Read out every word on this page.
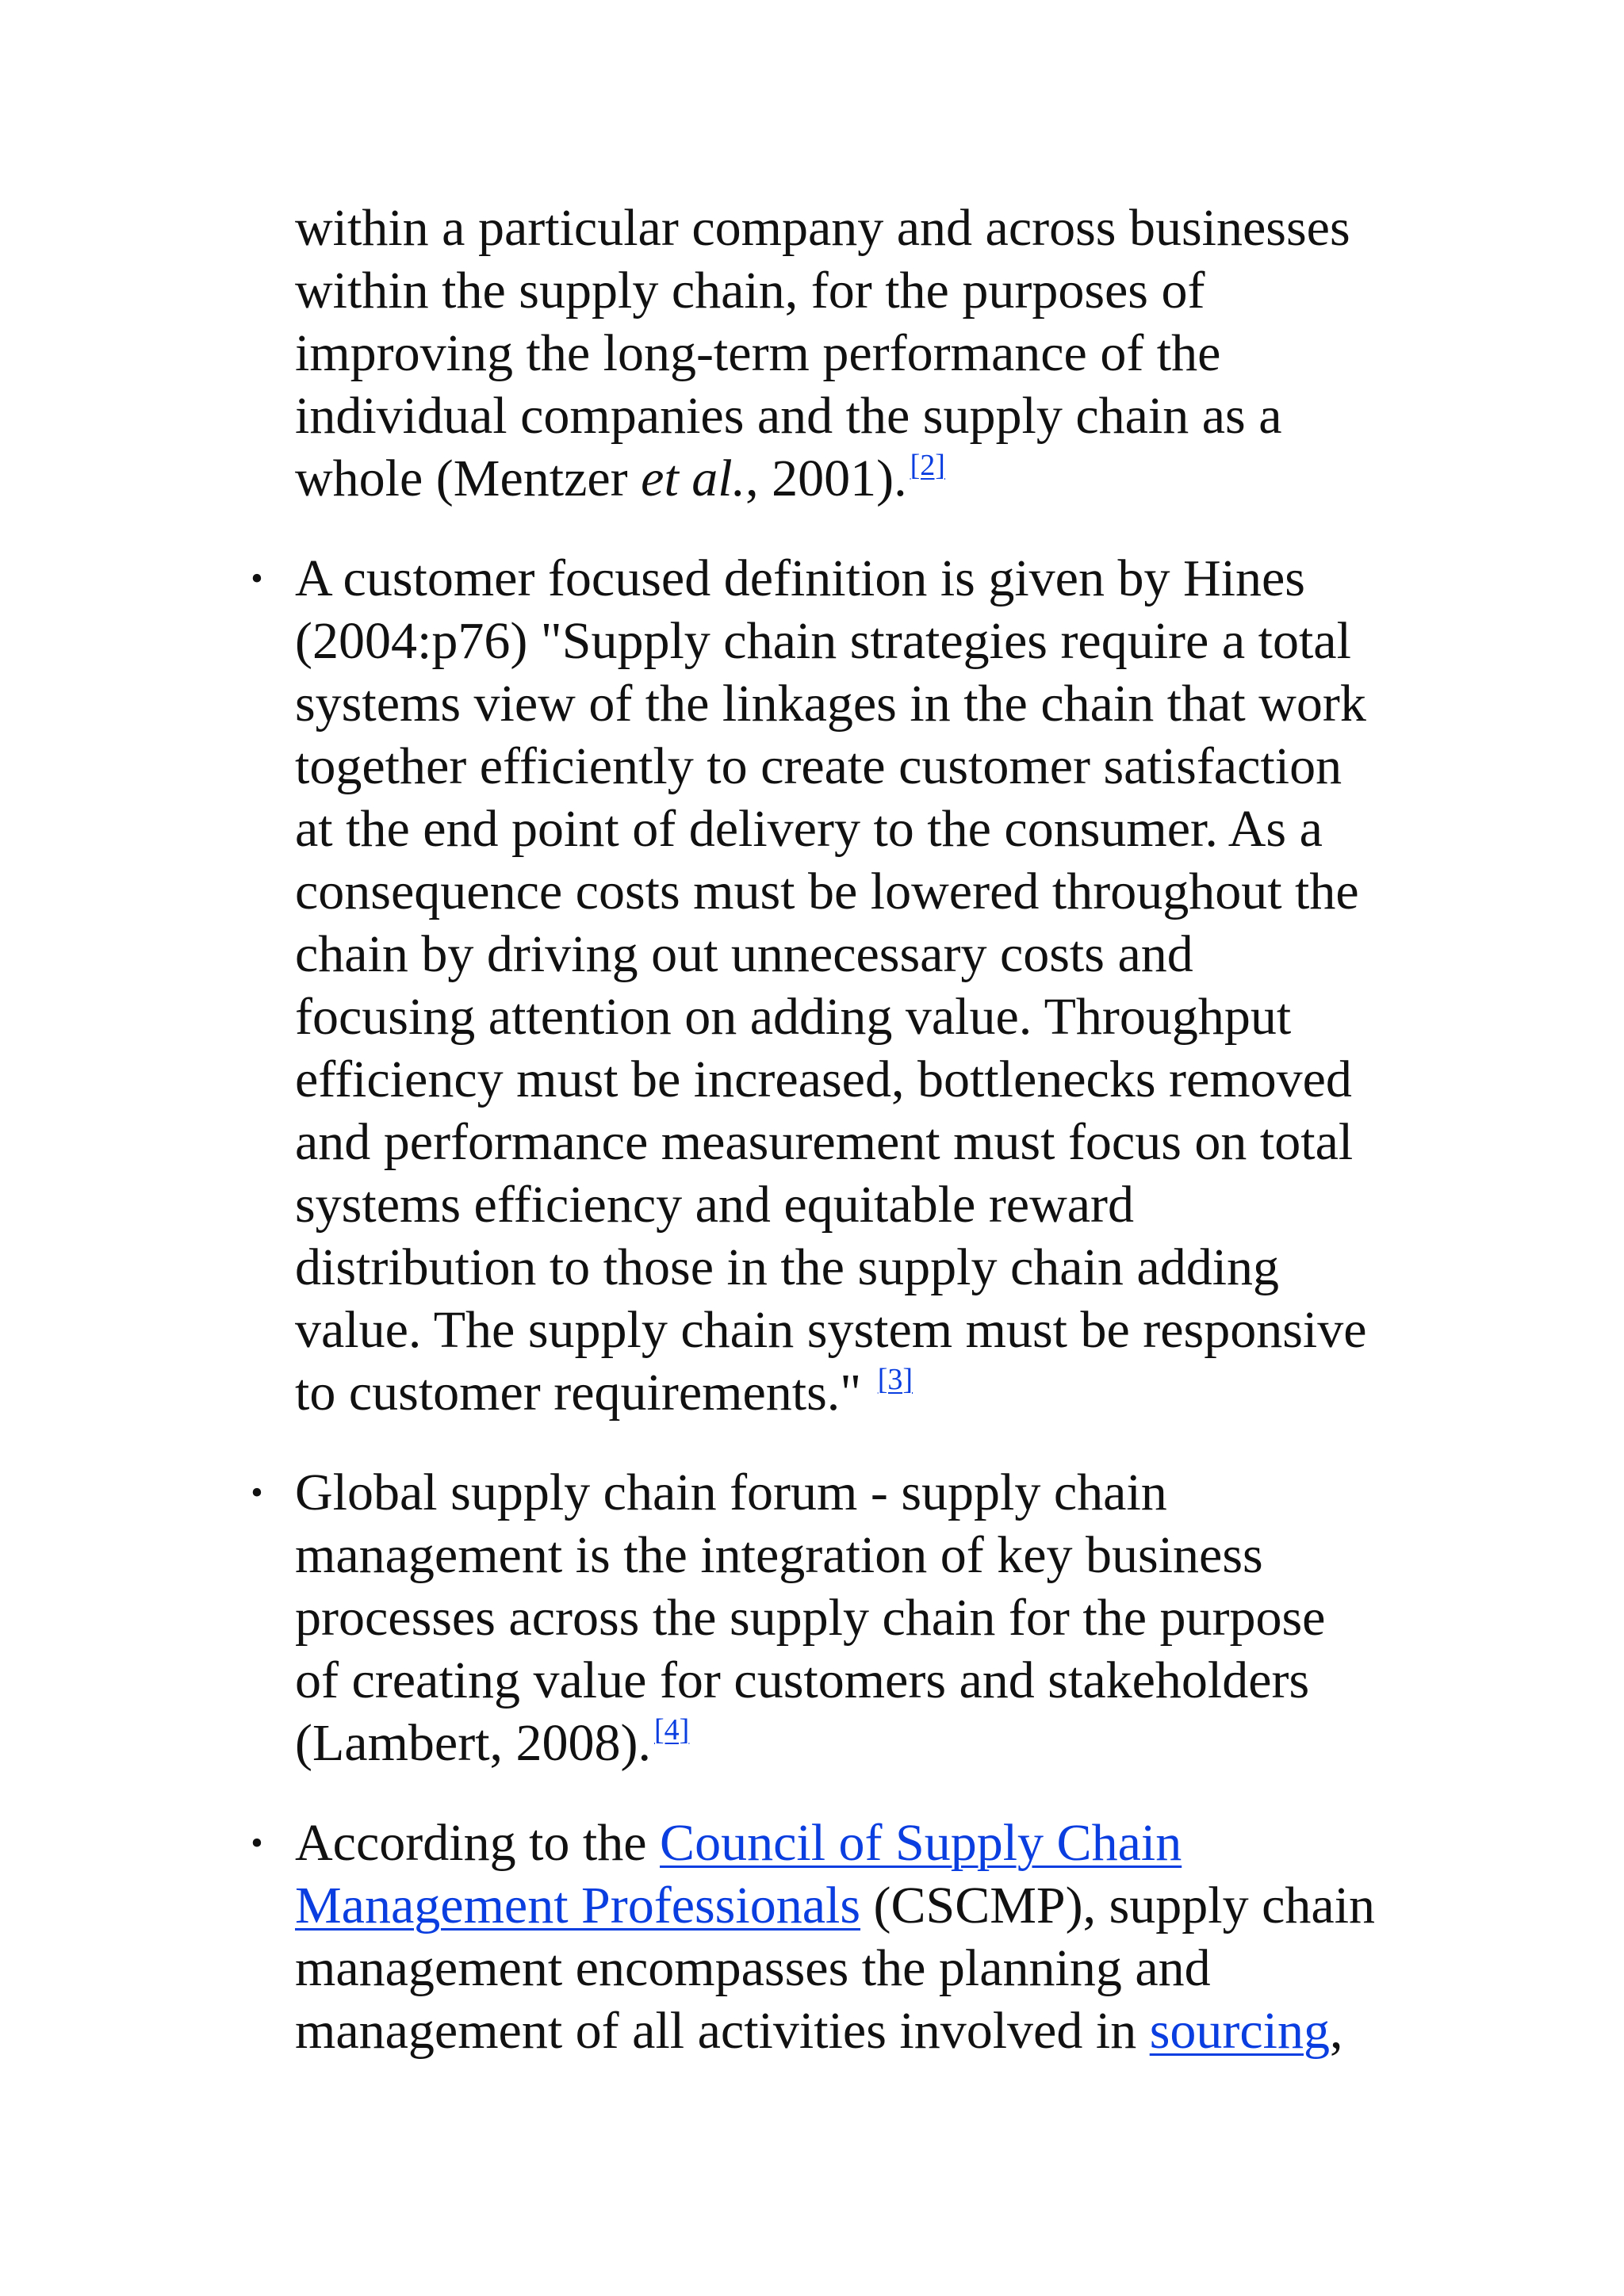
within a particular company and across businesses
within the supply chain, for the purposes of
improving the long-term performance of the
individual companies and the supply chain as a
whole (Mentzer et al., 2001). [2]
• A customer focused definition is given by Hines
(2004:p76) "Supply chain strategies require a total
systems view of the linkages in the chain that work
together efficiently to create customer satisfaction
at the end point of delivery to the consumer. As a
consequence costs must be lowered throughout the
chain by driving out unnecessary costs and
focusing attention on adding value. Throughput
efficiency must be increased, bottlenecks removed
and performance measurement must focus on total
systems efficiency and equitable reward
distribution to those in the supply chain adding
value. The supply chain system must be responsive
to customer requirements." [3]
• Global supply chain forum - supply chain
management is the integration of key business
processes across the supply chain for the purpose
of creating value for customers and stakeholders
(Lambert, 2008). [4]
• According to the Council of Supply Chain
Management Professionals (CSCMP), supply chain
management encompasses the planning and
management of all activities involved in sourcing,
